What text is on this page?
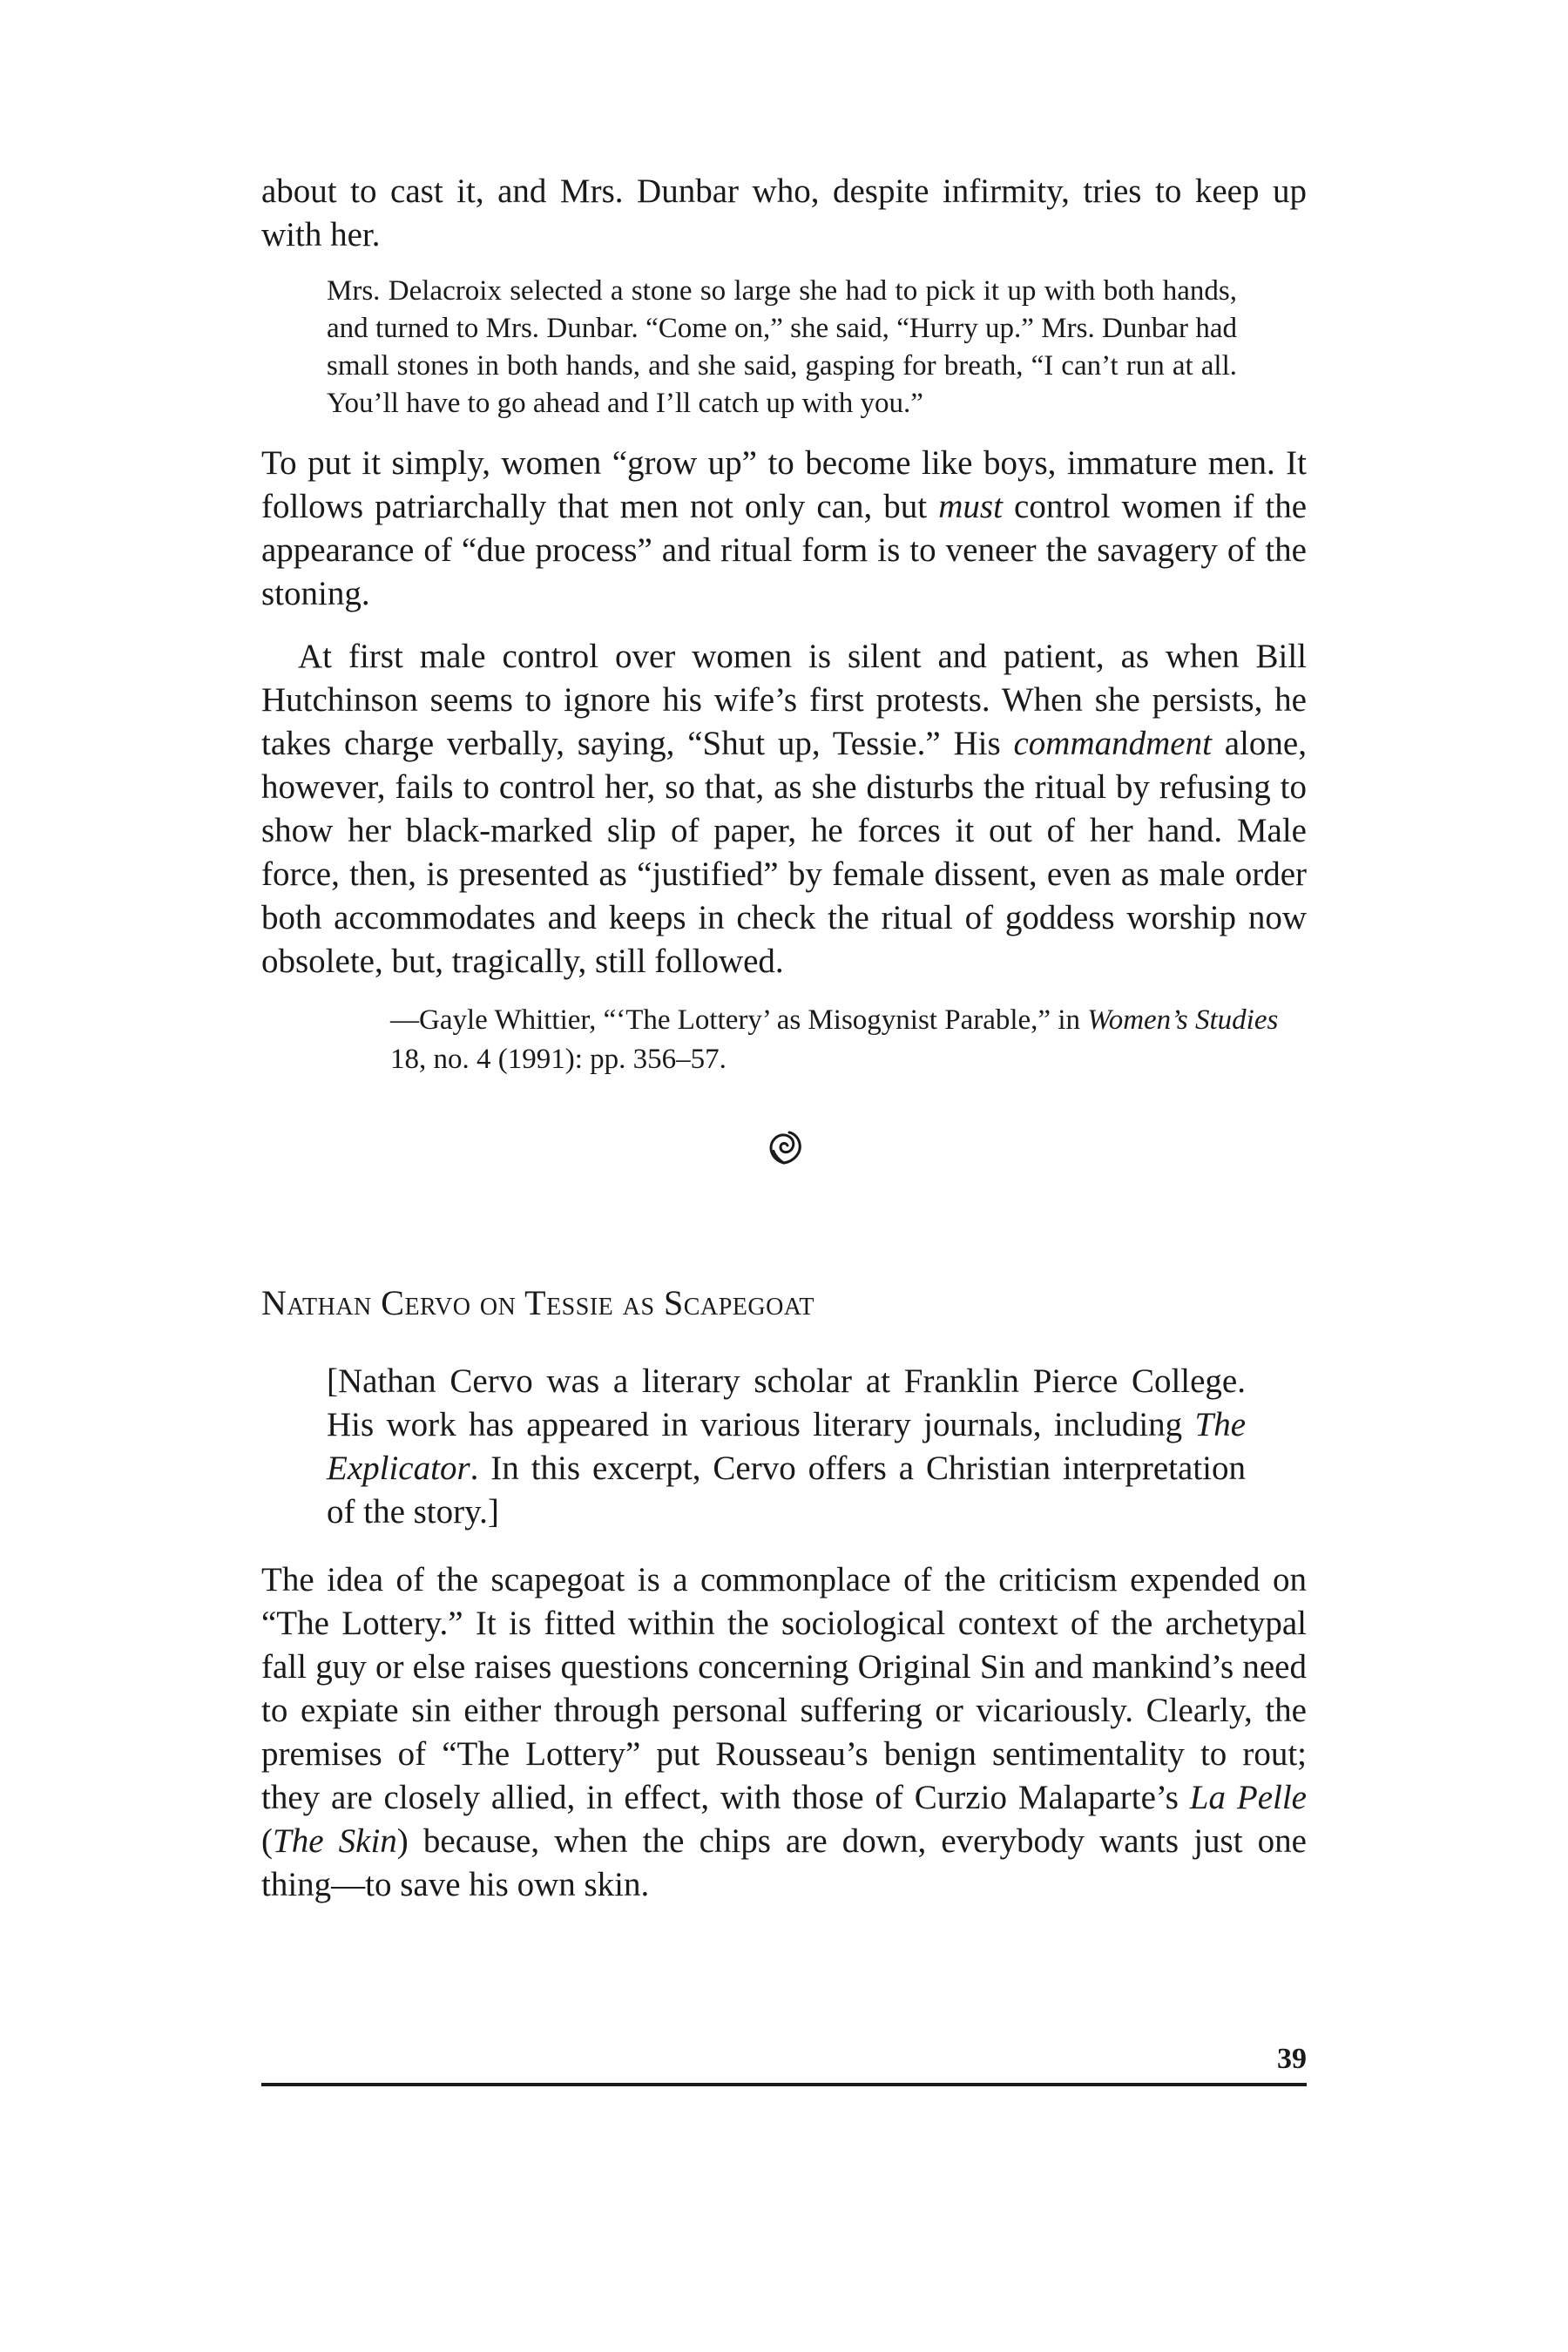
about to cast it, and Mrs. Dunbar who, despite infirmity, tries to keep up with her.

Mrs. Delacroix selected a stone so large she had to pick it up with both hands, and turned to Mrs. Dunbar. “Come on,” she said, “Hurry up.” Mrs. Dunbar had small stones in both hands, and she said, gasping for breath, “I can’t run at all. You’ll have to go ahead and I’ll catch up with you.”

To put it simply, women “grow up” to become like boys, immature men. It follows patriarchally that men not only can, but must control women if the appearance of “due process” and ritual form is to veneer the savagery of the stoning.

At first male control over women is silent and patient, as when Bill Hutchinson seems to ignore his wife’s first protests. When she persists, he takes charge verbally, saying, “Shut up, Tessie.” His commandment alone, however, fails to control her, so that, as she disturbs the ritual by refusing to show her black-marked slip of paper, he forces it out of her hand. Male force, then, is presented as “justified” by female dissent, even as male order both accommodates and keeps in check the ritual of goddess worship now obsolete, but, tragically, still followed.

—Gayle Whittier, “‘The Lottery’ as Misogynist Parable,” in Women’s Studies 18, no. 4 (1991): pp. 356–57.

Nathan Cervo on Tessie as Scapegoat

[Nathan Cervo was a literary scholar at Franklin Pierce College. His work has appeared in various literary journals, including The Explicator. In this excerpt, Cervo offers a Christian interpretation of the story.]

The idea of the scapegoat is a commonplace of the criticism expended on “The Lottery.” It is fitted within the sociological context of the archetypal fall guy or else raises questions concerning Original Sin and mankind’s need to expiate sin either through personal suffering or vicariously. Clearly, the premises of “The Lottery” put Rousseau’s benign sentimentality to rout; they are closely allied, in effect, with those of Curzio Malaparte’s La Pelle (The Skin) because, when the chips are down, everybody wants just one thing—to save his own skin.

39
